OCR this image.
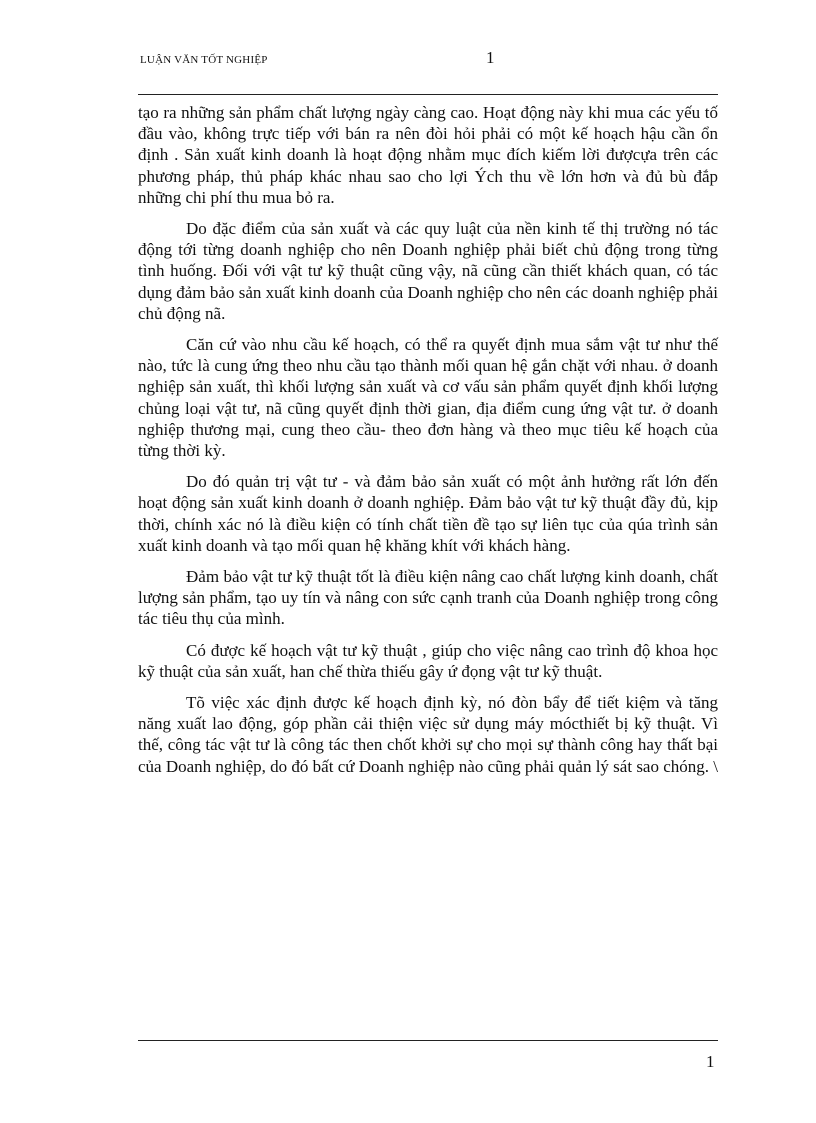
LUẬN VĂN TỐT NGHIỆP	1

tạo ra những sản phẩm chất lượng ngày càng cao. Hoạt động này khi mua các yếu tố đầu vào, không trực tiếp với bán ra nên đòi hỏi phải có một kế hoạch hậu cần ổn định . Sản xuất kinh doanh là hoạt động nhằm mục đích kiếm lời đượcựa trên các phương pháp, thủ pháp khác nhau sao cho lợi Ých thu về lớn hơn và đủ bù đắp những chi phí thu mua bỏ ra.

Do đặc điểm của sản xuất và các quy luật của nền kinh tế thị trường nó tác động tới từng doanh nghiệp cho nên Doanh nghiệp phải biết chủ động trong từng tình huống. Đối với vật tư kỹ thuật cũng vậy, nã cũng cần thiết khách quan, có tác dụng đảm bảo sản xuất kinh doanh của Doanh nghiệp cho nên các doanh nghiệp phải chủ động nã.

Căn cứ vào nhu cầu kế hoạch, có thể ra quyết định mua sắm vật tư như thế nào, tức là cung ứng theo nhu cầu tạo thành mối quan hệ gắn chặt với nhau. ở doanh nghiệp sản xuất, thì khối lượng sản xuất và cơ vấu sản phẩm quyết định khối lượng chủng loại vật tư, nã cũng quyết định thời gian, địa điểm cung ứng vật tư. ở doanh nghiệp thương mại, cung theo cầu- theo đơn hàng và theo mục tiêu kế hoạch của từng thời kỳ.

Do đó quản trị vật tư - và đảm bảo sản xuất có một ảnh hưởng rất lớn đến hoạt động sản xuất kinh doanh ở doanh nghiệp. Đảm bảo vật tư kỹ thuật đầy đủ, kịp thời, chính xác nó là điều kiện có tính chất tiền đề tạo sự liên tục của qúa trình sản xuất kinh doanh và tạo mối quan hệ khăng khít với khách hàng.

Đảm bảo vật tư kỹ thuật tốt là điều kiện nâng cao chất lượng kinh doanh, chất lượng sản phẩm, tạo uy tín và nâng con sức cạnh tranh của Doanh nghiệp trong công tác tiêu thụ của mình.

Có được kế hoạch vật tư kỹ thuật , giúp cho việc nâng cao trình độ khoa học kỹ thuật của sản xuất, han chế thừa thiếu gây ứ đọng vật tư kỹ thuật.

Tõ việc xác định được kế hoạch định kỳ, nó đòn bẩy để tiết kiệm và tăng năng xuất lao động, góp phần cải thiện việc sử dụng máy mócthiết bị kỹ thuật. Vì thế, công tác vật tư là công tác then chốt khởi sự cho mọi sự thành công hay thất bại của Doanh nghiệp, do đó bất cứ Doanh nghiệp nào cũng phải quản lý sát sao chóng. \

1
